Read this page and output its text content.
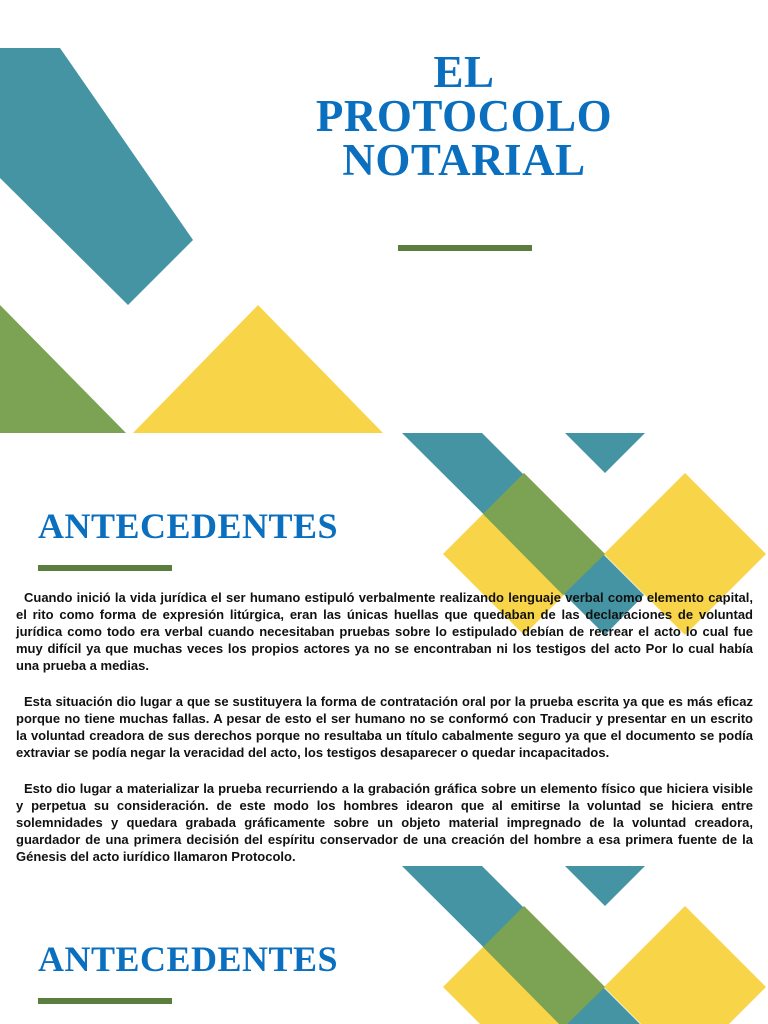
EL
PROTOCOLO
NOTARIAL
ANTECEDENTES

Cuando inició la vida jurídica el ser humano estipuló verbalmente realizando lenguaje verbal como elemento capital, el rito como forma de expresión litúrgica, eran las únicas huellas que quedaban de las declaraciones de voluntad jurídica como todo era verbal cuando necesitaban pruebas sobre lo estipulado debían de recrear el acto lo cual fue muy difícil ya que muchas veces los propios actores ya no se encontraban ni los testigos del acto Por lo cual había una prueba a medias.

Esta situación dio lugar a que se sustituyera la forma de contratación oral por la prueba escrita ya que es más eficaz porque no tiene muchas fallas. A pesar de esto el ser humano no se conformó con Traducir y presentar en un escrito la voluntad creadora de sus derechos porque no resultaba un título cabalmente seguro ya que el documento se podía extraviar se podía negar la veracidad del acto, los testigos desaparecer o quedar incapacitados.

Esto dio lugar a materializar la prueba recurriendo a la grabación gráfica sobre un elemento físico que hiciera visible y perpetua su consideración. de este modo los hombres idearon que al emitirse la voluntad se hiciera entre solemnidades y quedara grabada gráficamente sobre un objeto material impregnado de la voluntad creadora, guardador de una primera decisión del espíritu conservador de una creación del hombre a esa primera fuente de la Génesis del acto iurídico llamaron Protocolo.

ANTECEDENTES
